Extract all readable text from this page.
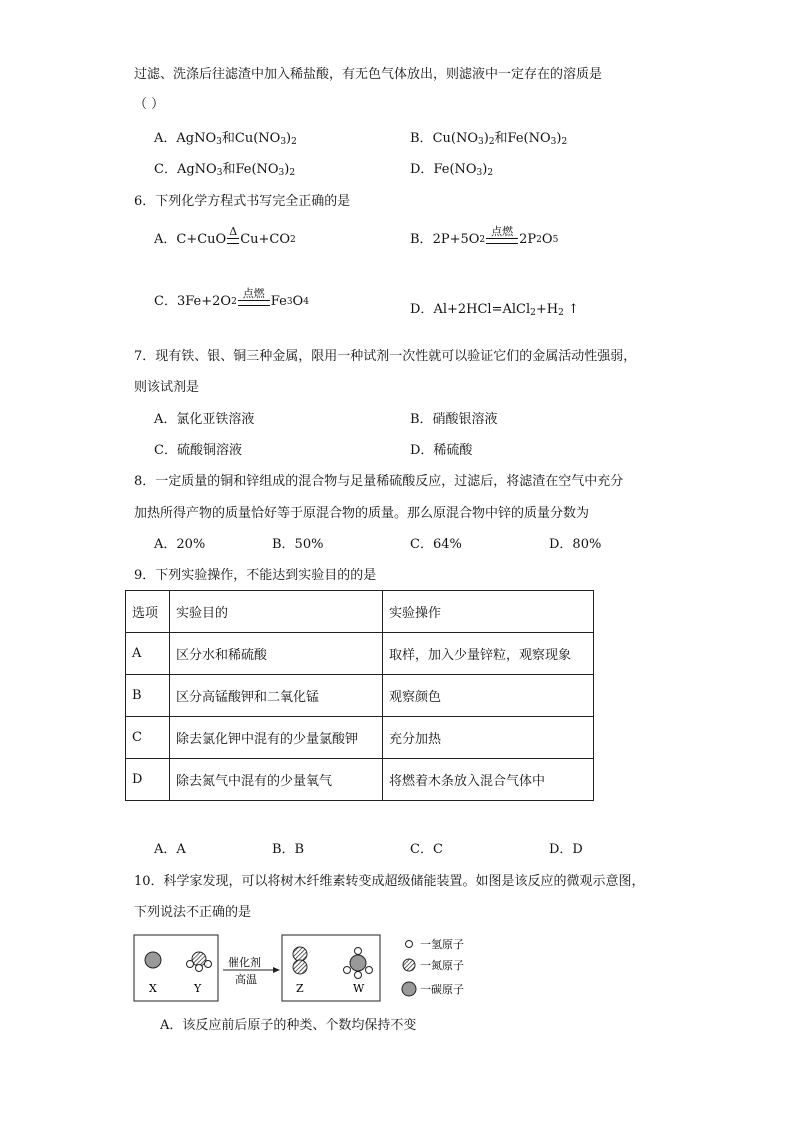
过滤、洗涤后往滤渣中加入稀盐酸，有无色气体放出，则滤液中一定存在的溶质是
（ ）
A．AgNO$_3$和$Cu(NO_3)_2$	B．$Cu(NO_3)_2$和$Fe(NO_3)_2$
C．AgNO$_3$和$Fe(NO_3)_2$	D．$Fe(NO_3)_2$
6．下列化学方程式书写完全正确的是
A． C+CuO
Δ
Cu+CO 2	B． 2P+5O 2
点燃
2P 2 O 5
C． 3Fe+2O 2
点燃
Fe 3 O 4	D．$Al+2HCl=AlCl_2+H_2$ ↑
7．现有铁、银、铜三种金属，限用一种试剂一次性就可以验证它们的金属活动性强弱，
则该试剂是
A．氯化亚铁溶液	B．硝酸银溶液
C．硫酸铜溶液	D．稀硫酸
8．一定质量的铜和锌组成的混合物与足量稀硫酸反应，过滤后，将滤渣在空气中充分
加热所得产物的质量恰好等于原混合物的质量。那么原混合物中锌的质量分数为
A．20%	B．50%	C．64%	D．80%
9．下列实验操作，不能达到实验目的的是
选项	实验目的	实验操作
A	区分水和稀硫酸	取样，加入少量锌粒，观察现象
B	区分高锰酸钾和二氧化锰	观察颜色
C	除去氯化钾中混有的少量氯酸钾	充分加热
D	除去氮气中混有的少量氧气	将燃着木条放入混合气体中
A．A	B．B	C．C	D．D
10．科学家发现，可以将树木纤维素转变成超级储能装置。如图是该反应的微观示意图，
下列说法不正确的是
X	Y
催化剂
高温
Z	W
一氢原子
一氮原子
一碳原子
A．该反应前后原子的种类、个数均保持不变
